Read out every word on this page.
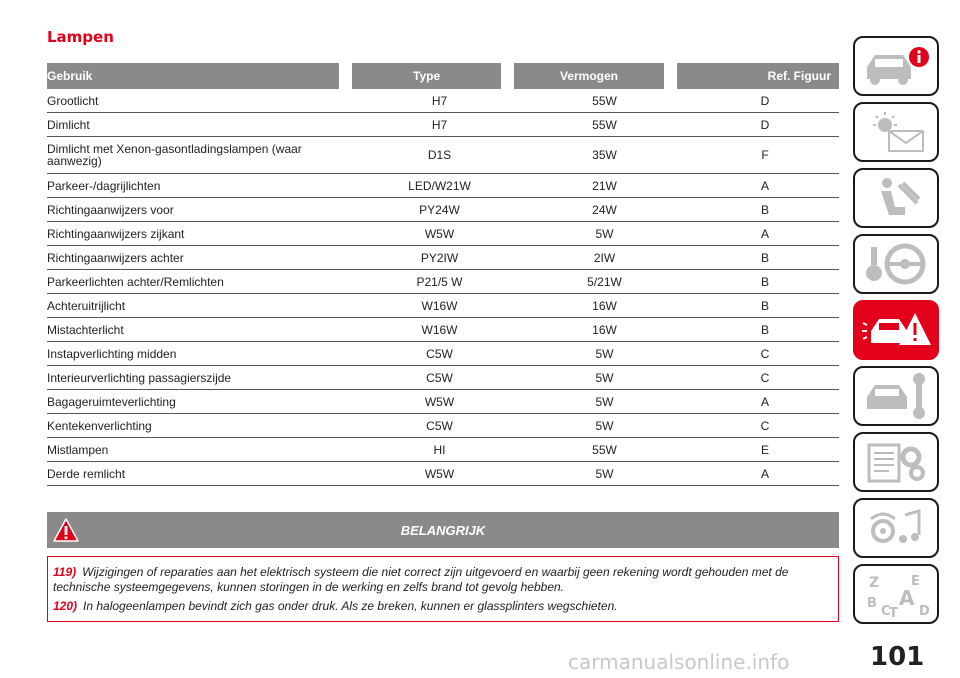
Lampen
Gebruik	Type	Vermogen	Ref. Figuur
Grootlicht	H7	55W	D
Dimlicht	H7	55W	D
Dimlicht met Xenon-gasontladingslampen (waar aanwezig)	D1S	35W	F
Parkeer-/dagrijlichten	LED/W21W	21W	A
Richtingaanwijzers voor	PY24W	24W	B
Richtingaanwijzers zijkant	W5W	5W	A
Richtingaanwijzers achter	PY2IW	2IW	B
Parkeerlichten achter/Remlichten	P21/5 W	5/21W	B
Achteruitrijlicht	W16W	16W	B
Mistachterlicht	W16W	16W	B
Instapverlichting midden	C5W	5W	C
Interieurverlichting passagierszijde	C5W	5W	C
Bagageruimteverlichting	W5W	5W	A
Kentekenverlichting	C5W	5W	C
Mistlampen	HI	55W	E
Derde remlicht	W5W	5W	A
BELANGRIJK

119) Wijzigingen of reparaties aan het elektrisch systeem die niet correct zijn uitgevoerd en waarbij geen rekening wordt gehouden met de technische systeemgegevens, kunnen storingen in de werking en zelfs brand tot gevolg hebben.

120) In halogeenlampen bevindt zich gas onder druk. Als ze breken, kunnen er glassplinters wegschieten.

Z E
B A
C
T D
101
carmanualsonline.info
